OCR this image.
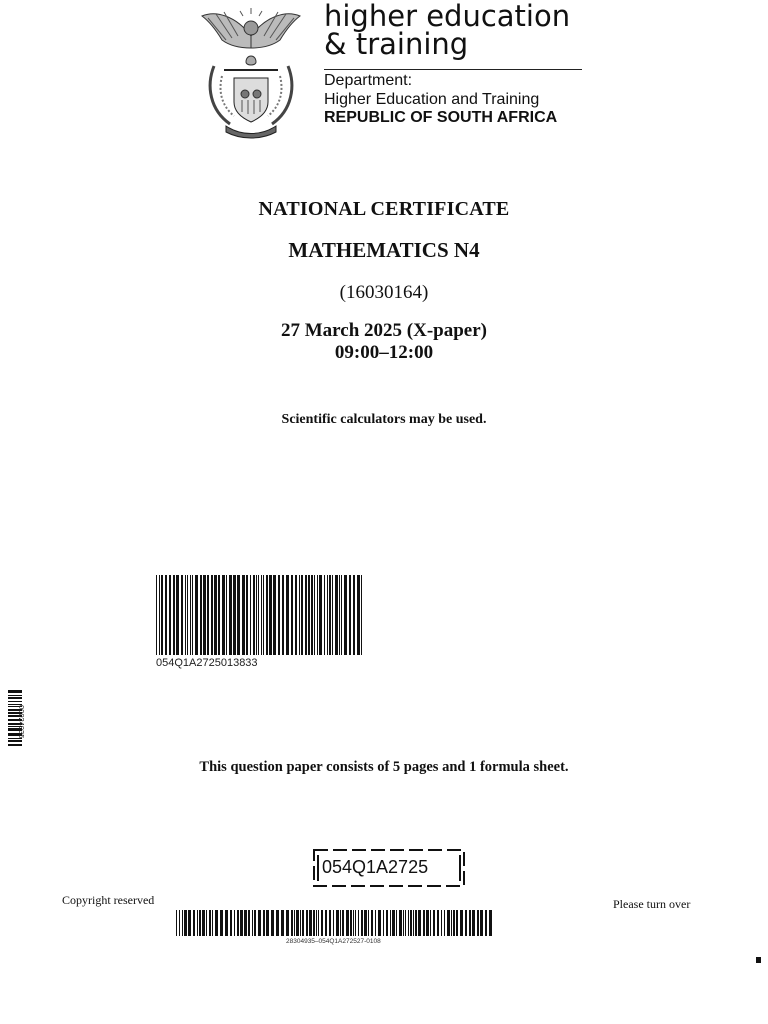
higher education
& training
Department:
Higher Education and Training
REPUBLIC OF SOUTH AFRICA
NATIONAL CERTIFICATE
MATHEMATICS N4
(16030164)
27 March 2025 (X-paper)
09:00–12:00
Scientific calculators may be used.
054Q1A2725013833
00024935
This question paper consists of 5 pages and 1 formula sheet.
054Q1A2725
Copyright reserved	Please turn over
28304935–054Q1A272527-0108
